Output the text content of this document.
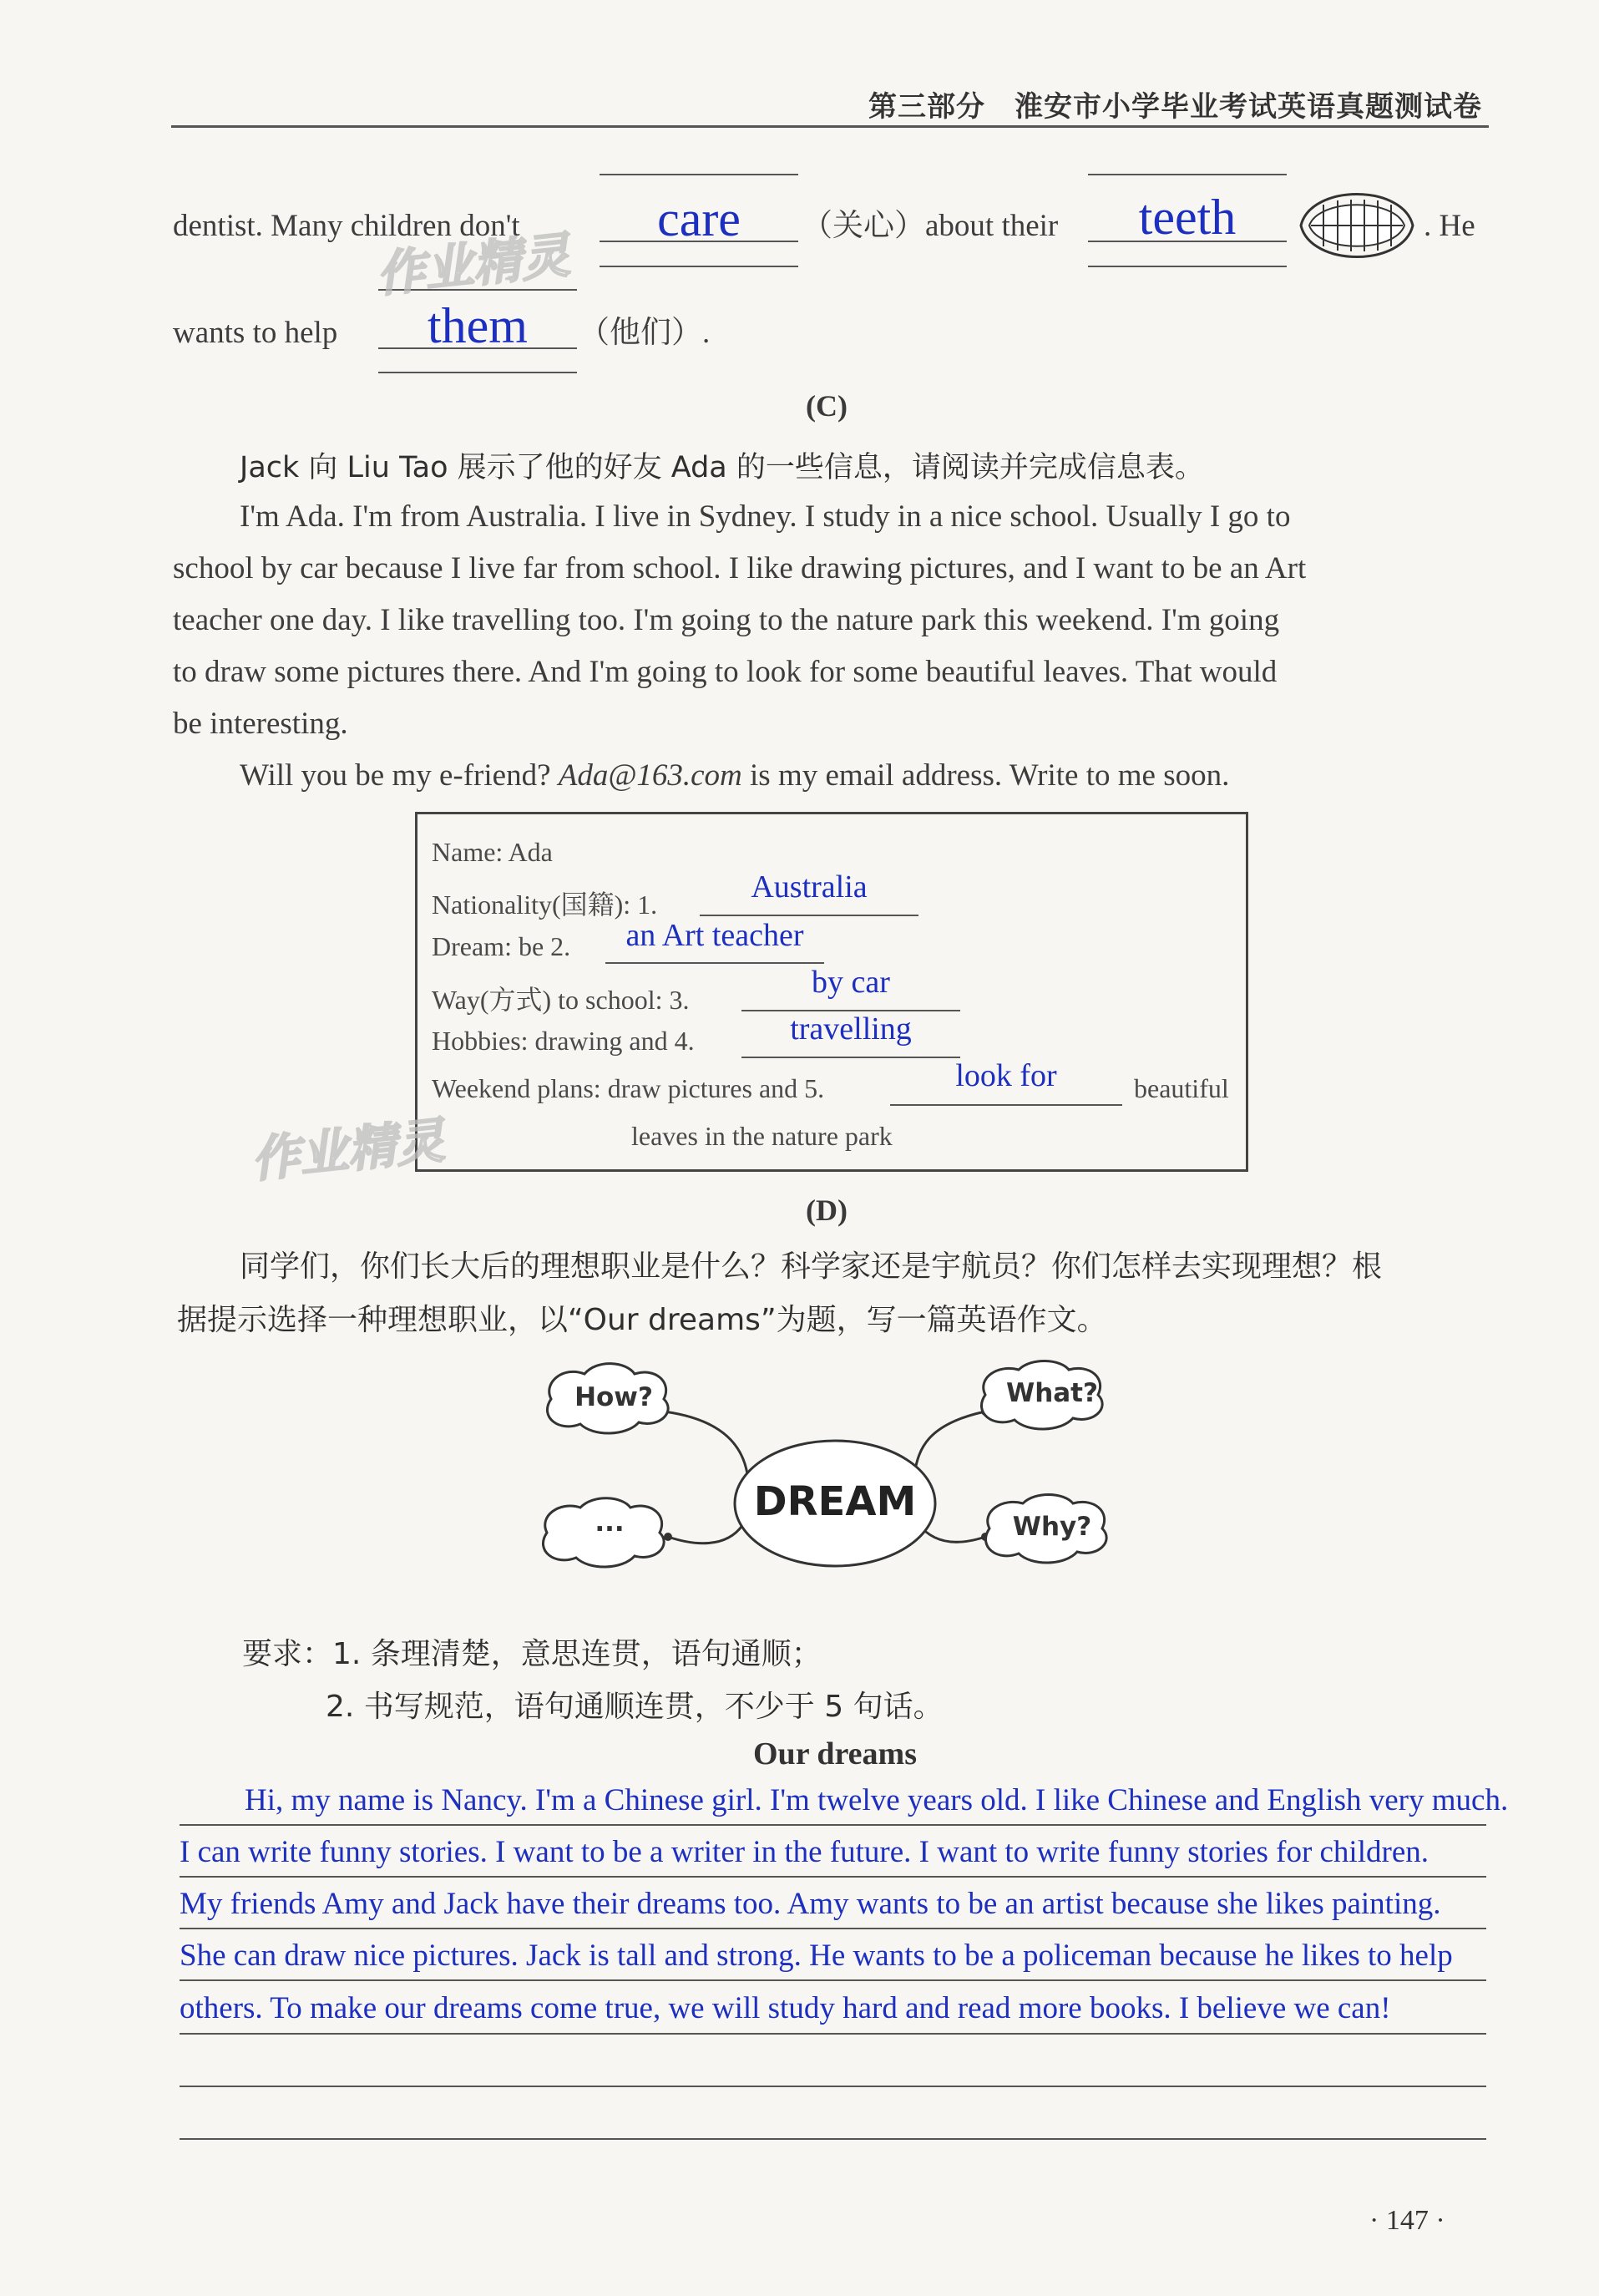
第三部分　淮安市小学毕业考试英语真题测试卷
dentist. Many children don't	care	（关心）about their	teeth	. He
wants to help	them	（他们）.
作业精灵
(C)
Jack 向 Liu Tao 展示了他的好友 Ada 的一些信息，请阅读并完成信息表。
I'm Ada. I'm from Australia. I live in Sydney. I study in a nice school. Usually I go to
school by car because I live far from school. I like drawing pictures, and I want to be an Art
teacher one day. I like travelling too. I'm going to the nature park this weekend. I'm going
to draw some pictures there. And I'm going to look for some beautiful leaves. That would
be interesting.
Will you be my e-friend? Ada@163.com is my email address. Write to me soon.
Name: Ada
Nationality(国籍): 1.	Australia
Dream: be 2.	an Art teacher
Way(方式) to school: 3.	by car
Hobbies: drawing and 4.	travelling
Weekend plans: draw pictures and 5.	look for	beautiful
leaves in the nature park
作业精灵
(D)
同学们，你们长大后的理想职业是什么？科学家还是宇航员？你们怎样去实现理想？根
据提示选择一种理想职业，以“Our dreams”为题，写一篇英语作文。
DREAM
How?	What?
...	Why?
要求：1. 条理清楚，意思连贯，语句通顺；
2. 书写规范，语句通顺连贯，不少于 5 句话。
Our dreams
Hi, my name is Nancy. I'm a Chinese girl. I'm twelve years old. I like Chinese and English very much.
I can write funny stories. I want to be a writer in the future. I want to write funny stories for children.
My friends Amy and Jack have their dreams too. Amy wants to be an artist because she likes painting.
She can draw nice pictures. Jack is tall and strong. He wants to be a policeman because he likes to help
others. To make our dreams come true, we will study hard and read more books. I believe we can!
· 147 ·
